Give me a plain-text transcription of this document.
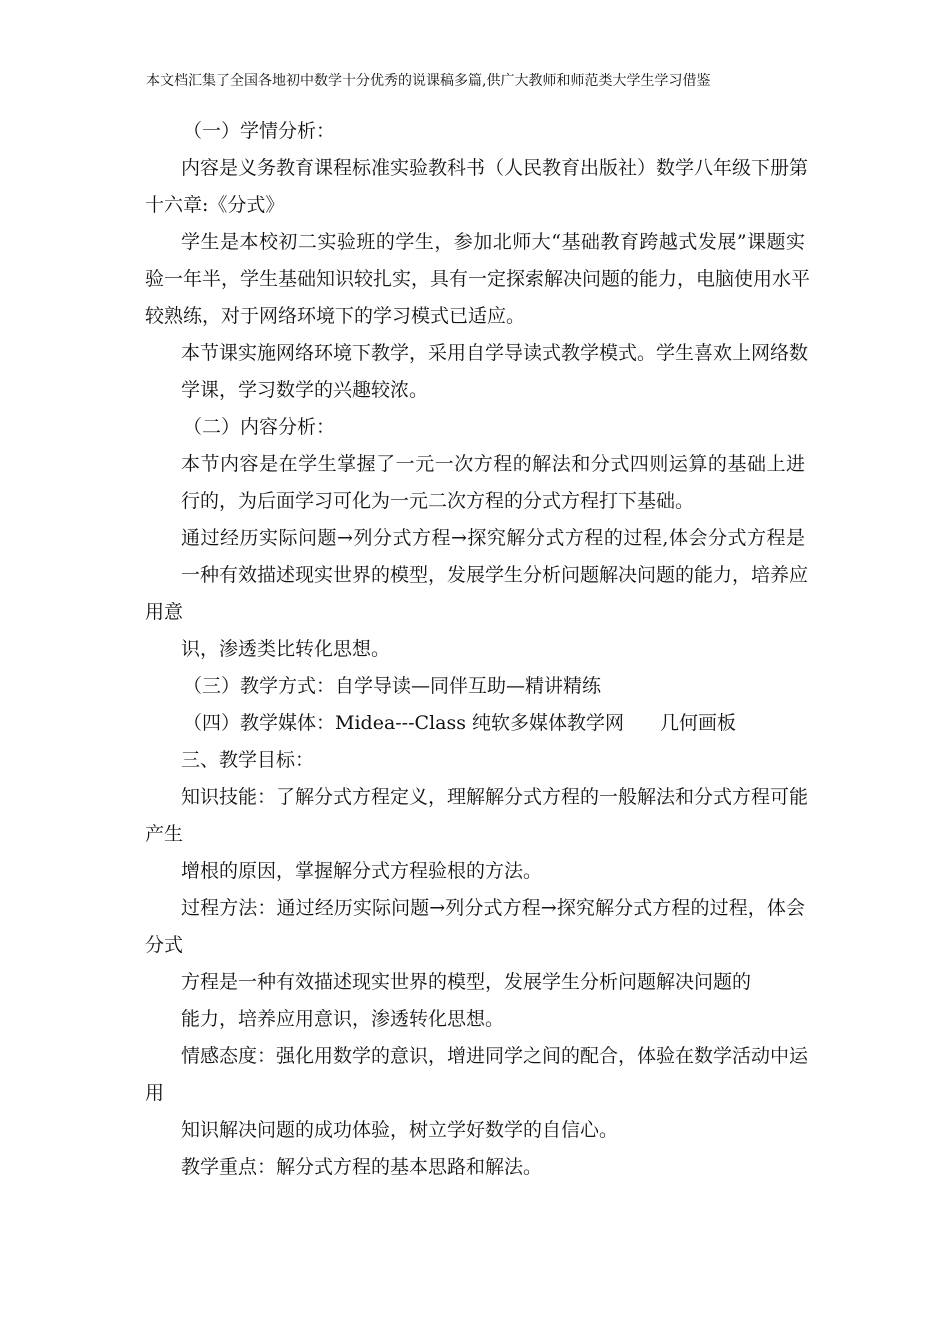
本文档汇集了全国各地初中数学十分优秀的说课稿多篇,供广大教师和师范类大学生学习借鉴
（一）学情分析：
内容是义务教育课程标准实验教科书（人民教育出版社）数学八年级下册第
十六章:《分式》
学生是本校初二实验班的学生，参加北师大“基础教育跨越式发展”课题实
验一年半，学生基础知识较扎实，具有一定探索解决问题的能力，电脑使用水平
较熟练，对于网络环境下的学习模式已适应。
本节课实施网络环境下教学，采用自学导读式教学模式。学生喜欢上网络数
学课，学习数学的兴趣较浓。
（二）内容分析：
本节内容是在学生掌握了一元一次方程的解法和分式四则运算的基础上进
行的，为后面学习可化为一元二次方程的分式方程打下基础。
通过经历实际问题→列分式方程→探究解分式方程的过程,体会分式方程是
一种有效描述现实世界的模型，发展学生分析问题解决问题的能力，培养应
用意
识，渗透类比转化思想。
（三）教学方式：自学导读—同伴互助—精讲精练
（四）教学媒体：Midea---Class 纯软多媒体教学网 几何画板
三、教学目标：
知识技能：了解分式方程定义，理解解分式方程的一般解法和分式方程可能
产生
增根的原因，掌握解分式方程验根的方法。
过程方法：通过经历实际问题→列分式方程→探究解分式方程的过程，体会
分式
方程是一种有效描述现实世界的模型，发展学生分析问题解决问题的
能力，培养应用意识，渗透转化思想。
情感态度：强化用数学的意识，增进同学之间的配合，体验在数学活动中运
用
知识解决问题的成功体验，树立学好数学的自信心。
教学重点：解分式方程的基本思路和解法。
